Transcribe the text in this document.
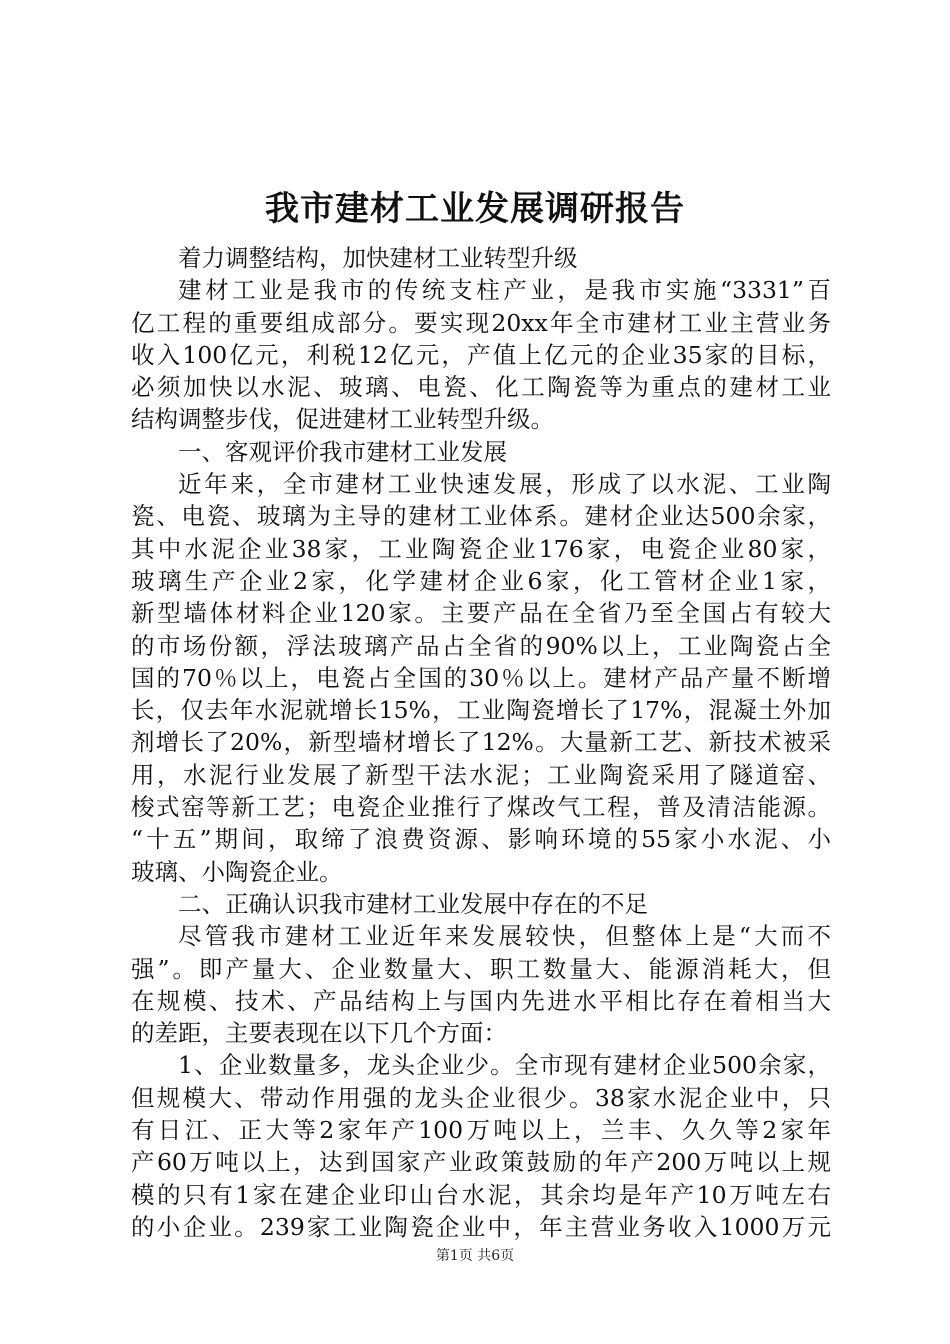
我市建材工业发展调研报告
着力调整结构，加快建材工业转型升级
建材工业是我市的传统支柱产业，是我市实施“3331”百
亿工程的重要组成部分。要实现20xx年全市建材工业主营业务
收入100亿元，利税12亿元，产值上亿元的企业35家的目标，
必须加快以水泥、玻璃、电瓷、化工陶瓷等为重点的建材工业
结构调整步伐，促进建材工业转型升级。
一、客观评价我市建材工业发展
近年来，全市建材工业快速发展，形成了以水泥、工业陶
瓷、电瓷、玻璃为主导的建材工业体系。建材企业达500余家，
其中水泥企业38家，工业陶瓷企业176家，电瓷企业80家，
玻璃生产企业2家，化学建材企业6家，化工管材企业1家，
新型墙体材料企业120家。主要产品在全省乃至全国占有较大
的市场份额，浮法玻璃产品占全省的90%以上，工业陶瓷占全
国的70％以上，电瓷占全国的30％以上。建材产品产量不断增
长，仅去年水泥就增长15%，工业陶瓷增长了17%，混凝土外加
剂增长了20%，新型墙材增长了12%。大量新工艺、新技术被采
用，水泥行业发展了新型干法水泥；工业陶瓷采用了隧道窑、
梭式窑等新工艺；电瓷企业推行了煤改气工程，普及清洁能源。
“十五”期间，取缔了浪费资源、影响环境的55家小水泥、小
玻璃、小陶瓷企业。
二、正确认识我市建材工业发展中存在的不足
尽管我市建材工业近年来发展较快，但整体上是“大而不
强”。即产量大、企业数量大、职工数量大、能源消耗大，但
在规模、技术、产品结构上与国内先进水平相比存在着相当大
的差距，主要表现在以下几个方面：
1、企业数量多，龙头企业少。全市现有建材企业500余家，
但规模大、带动作用强的龙头企业很少。38家水泥企业中，只
有日江、正大等2家年产100万吨以上，兰丰、久久等2家年
产60万吨以上，达到国家产业政策鼓励的年产200万吨以上规
模的只有1家在建企业印山台水泥，其余均是年产10万吨左右
的小企业。239家工业陶瓷企业中，年主营业务收入1000万元
第1页 共6页
